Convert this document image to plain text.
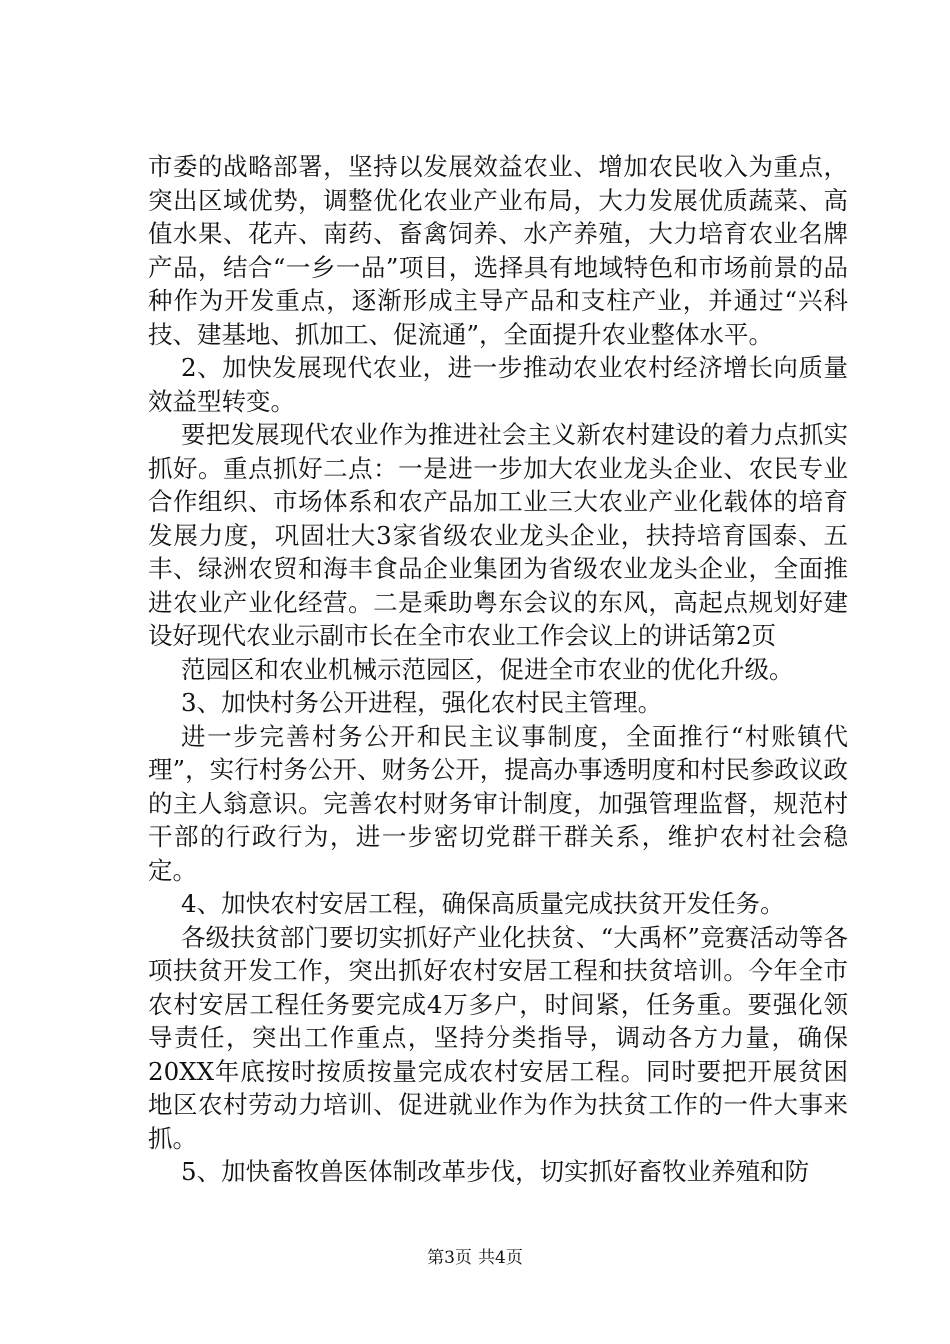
市委的战略部署，坚持以发展效益农业、增加农民收入为重点，突出区域优势，调整优化农业产业布局，大力发展优质蔬菜、高值水果、花卉、南药、畜禽饲养、水产养殖，大力培育农业名牌产品，结合“一乡一品”项目，选择具有地域特色和市场前景的品种作为开发重点，逐渐形成主导产品和支柱产业，并通过“兴科技、建基地、抓加工、促流通”，全面提升农业整体水平。

2、加快发展现代农业，进一步推动农业农村经济增长向质量效益型转变。

要把发展现代农业作为推进社会主义新农村建设的着力点抓实抓好。重点抓好二点：一是进一步加大农业龙头企业、农民专业合作组织、市场体系和农产品加工业三大农业产业化载体的培育发展力度，巩固壮大3家省级农业龙头企业，扶持培育国泰、五丰、绿洲农贸和海丰食品企业集团为省级农业龙头企业，全面推进农业产业化经营。二是乘助粤东会议的东风，高起点规划好建设好现代农业示副市长在全市农业工作会议上的讲话第2页

范园区和农业机械示范园区，促进全市农业的优化升级。

3、加快村务公开进程，强化农村民主管理。

进一步完善村务公开和民主议事制度，全面推行“村账镇代理”，实行村务公开、财务公开，提高办事透明度和村民参政议政的主人翁意识。完善农村财务审计制度，加强管理监督，规范村干部的行政行为，进一步密切党群干群关系，维护农村社会稳定。

4、加快农村安居工程，确保高质量完成扶贫开发任务。

各级扶贫部门要切实抓好产业化扶贫、“大禹杯”竞赛活动等各项扶贫开发工作，突出抓好农村安居工程和扶贫培训。今年全市农村安居工程任务要完成4万多户，时间紧，任务重。要强化领导责任，突出工作重点，坚持分类指导，调动各方力量，确保20XX年底按时按质按量完成农村安居工程。同时要把开展贫困地区农村劳动力培训、促进就业作为作为扶贫工作的一件大事来抓。

5、加快畜牧兽医体制改革步伐，切实抓好畜牧业养殖和防

第3页 共4页
